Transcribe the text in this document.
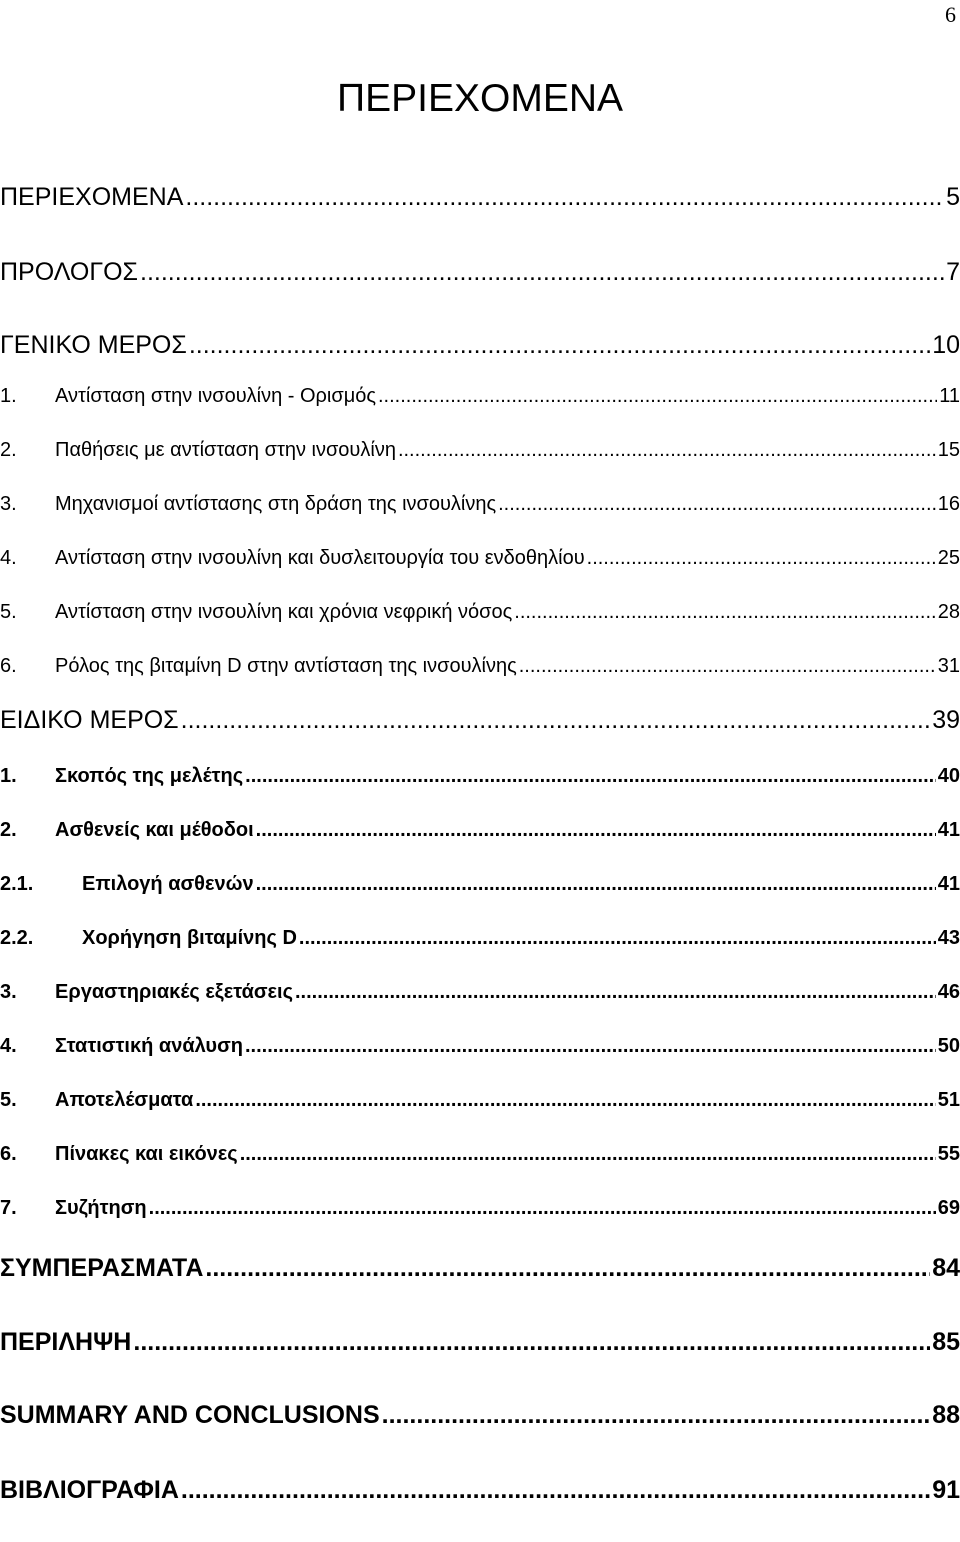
6
ΠΕΡΙΕΧΟΜΕΝΑ
ΠΕΡΙΕΧΟΜΕΝΑ .....	5
ΠΡΟΛΟΓΟΣ .....	7
ΓΕΝΙΚΟ ΜΕΡΟΣ .....	10
1.	Αντίσταση στην ινσουλίνη - Ορισμός .....	11
2.	Παθήσεις με αντίσταση στην ινσουλίνη .....	15
3.	Μηχανισμοί αντίστασης στη δράση της ινσουλίνης .....	16
4.	Αντίσταση στην ινσουλίνη και δυσλειτουργία του ενδοθηλίου .....	25
5.	Αντίσταση στην ινσουλίνη και χρόνια νεφρική νόσος .....	28
6.	Ρόλος της βιταμίνη D στην αντίσταση της ινσουλίνης .....	31
ΕΙΔΙΚΟ ΜΕΡΟΣ .....	39
1.	Σκοπός της μελέτης .....	40
2.	Ασθενείς και μέθοδοι .....	41
2.1.	Επιλογή ασθενών .....	41
2.2.	Χορήγηση βιταμίνης D .....	43
3.	Εργαστηριακές εξετάσεις .....	46
4.	Στατιστική ανάλυση .....	50
5.	Αποτελέσματα .....	51
6.	Πίνακες και εικόνες .....	55
7.	Συζήτηση .....	69
ΣΥΜΠΕΡΑΣΜΑΤΑ .....	84
ΠΕΡΙΛΗΨΗ .....	85
SUMMARY AND CONCLUSIONS .....	88
ΒΙΒΛΙΟΓΡΑΦΙΑ .....	91
